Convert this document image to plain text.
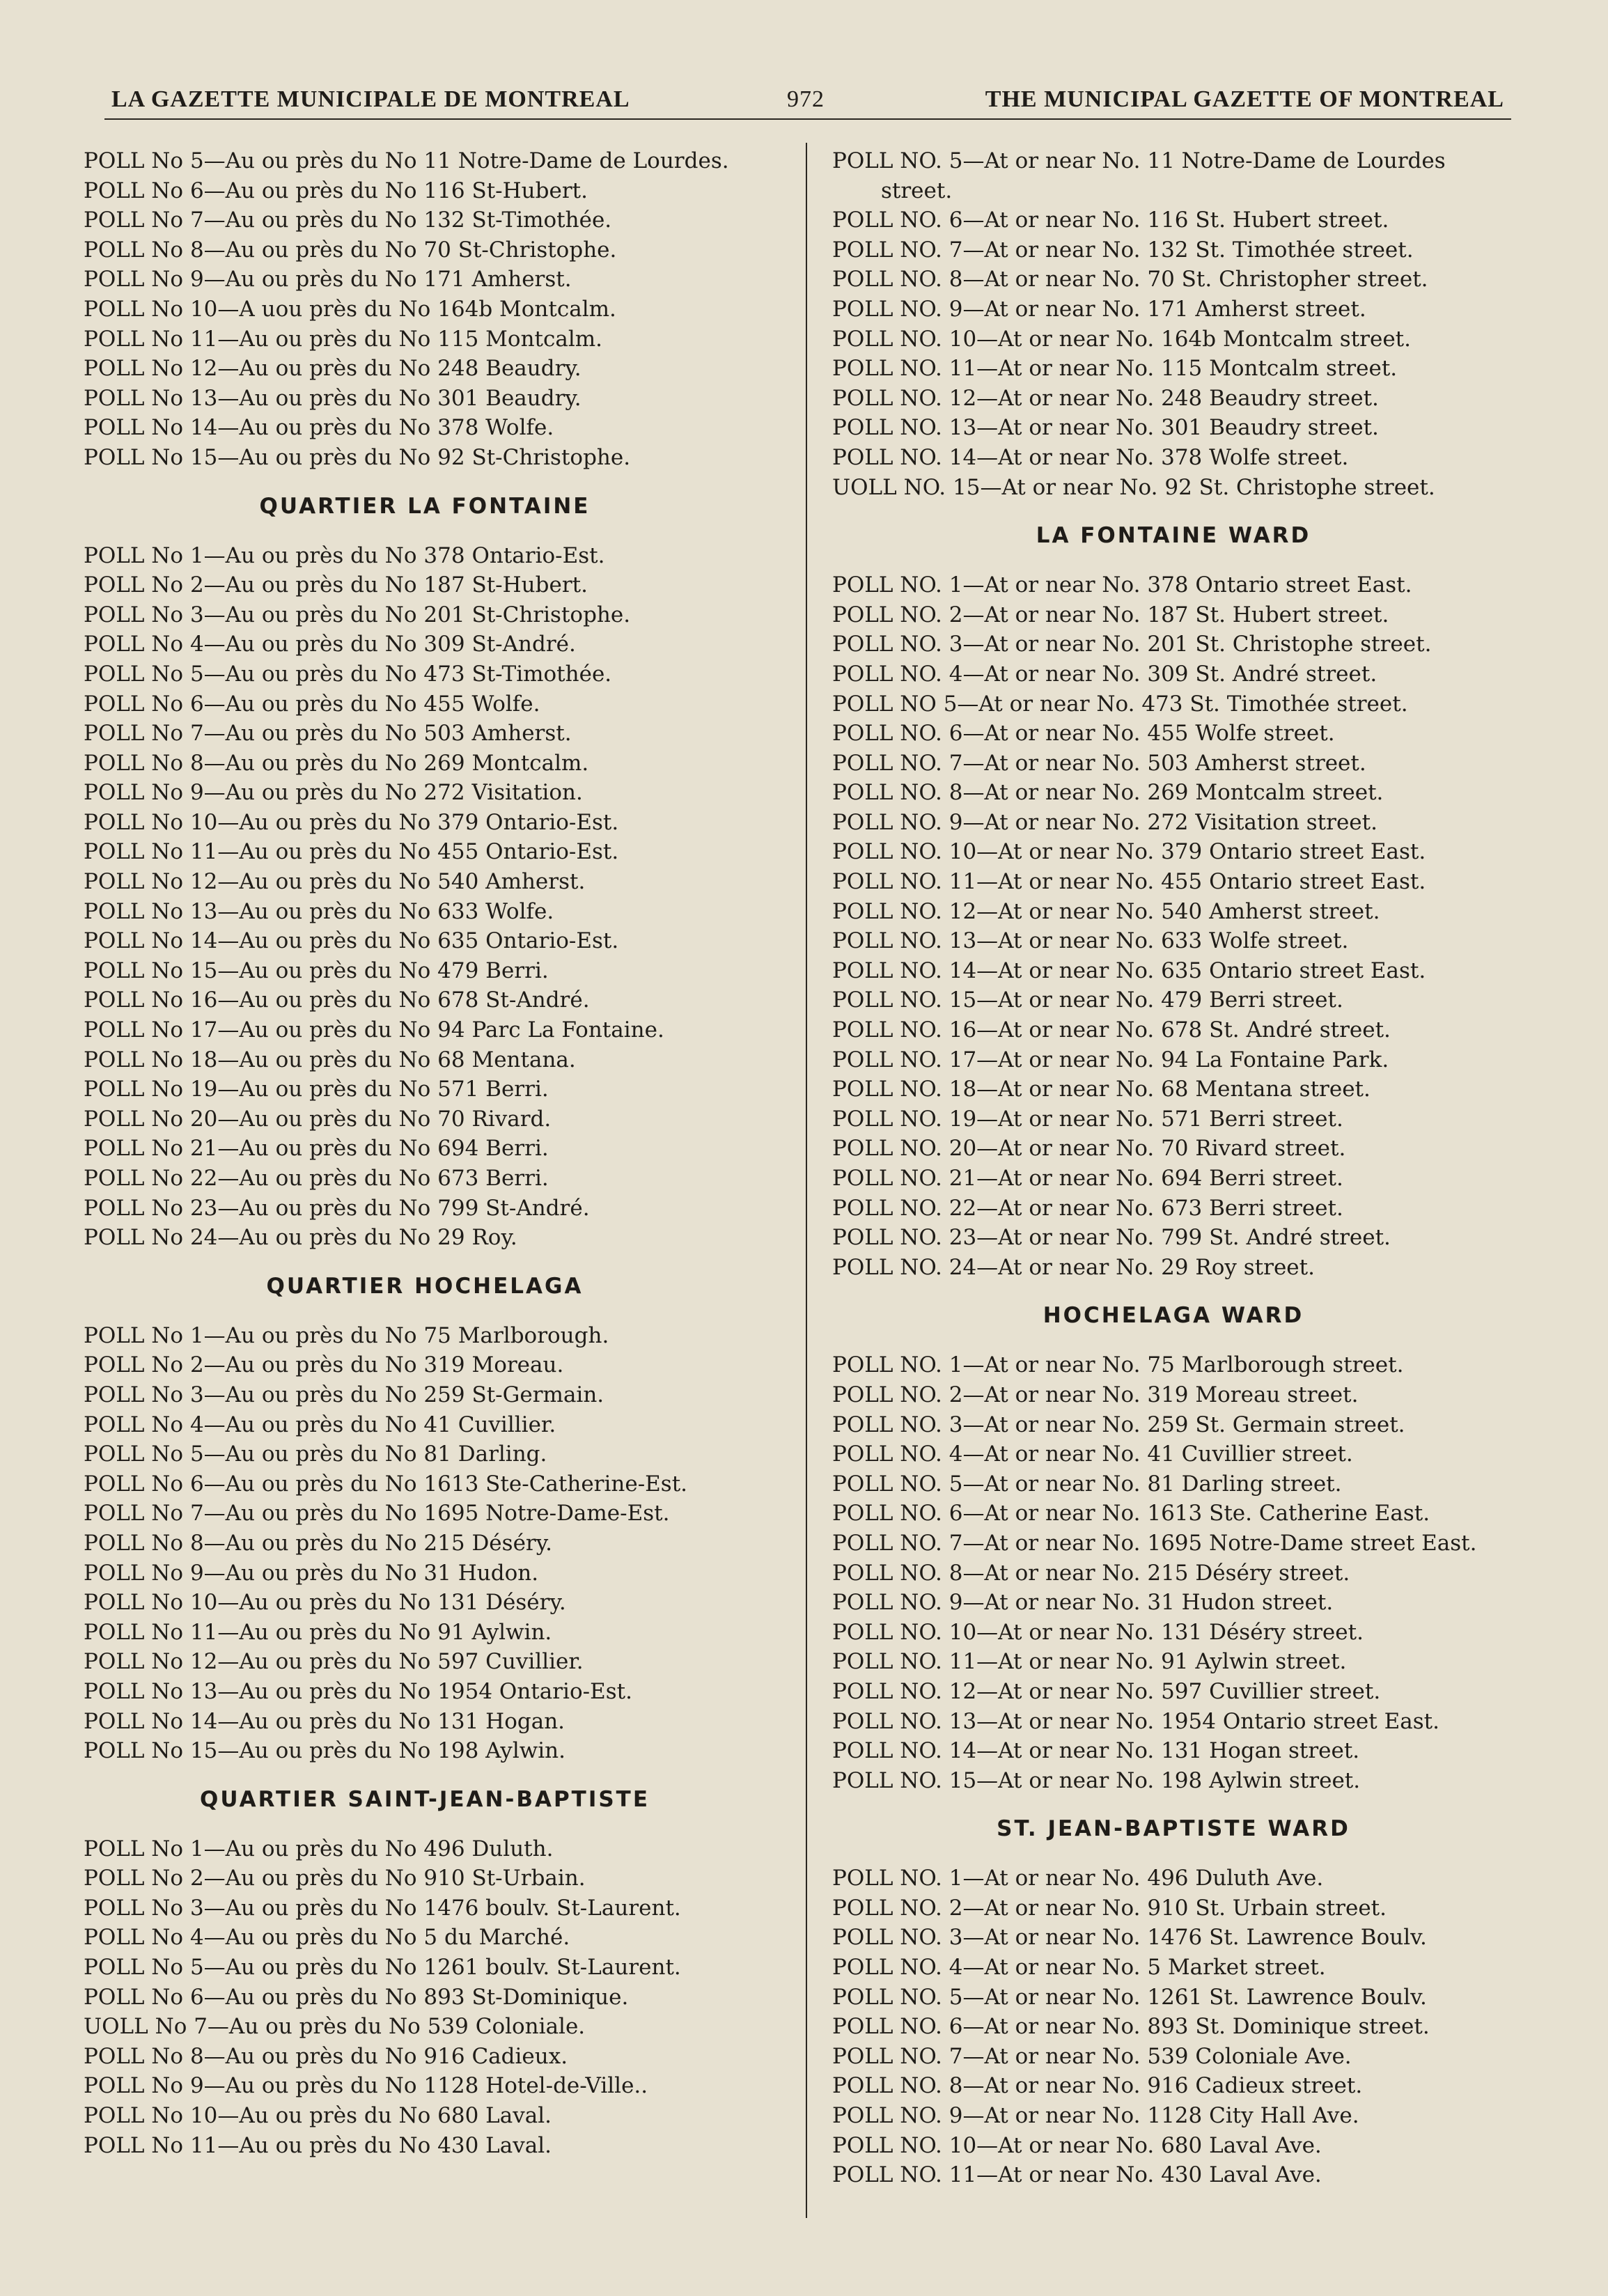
LA GAZETTE MUNICIPALE DE MONTREAL	972	THE MUNICIPAL GAZETTE OF MONTREAL
POLL No 5—Au ou près du No 11 Notre-Dame de Lourdes.
POLL No 6—Au ou près du No 116 St-Hubert.
POLL No 7—Au ou près du No 132 St-Timothée.
POLL No 8—Au ou près du No 70 St-Christophe.
POLL No 9—Au ou près du No 171 Amherst.
POLL No 10—A uou près du No 164b Montcalm.
POLL No 11—Au ou près du No 115 Montcalm.
POLL No 12—Au ou près du No 248 Beaudry.
POLL No 13—Au ou près du No 301 Beaudry.
POLL No 14—Au ou près du No 378 Wolfe.
POLL No 15—Au ou près du No 92 St-Christophe.
QUARTIER LA FONTAINE
POLL No 1—Au ou près du No 378 Ontario-Est.
POLL No 2—Au ou près du No 187 St-Hubert.
POLL No 3—Au ou près du No 201 St-Christophe.
POLL No 4—Au ou près du No 309 St-André.
POLL No 5—Au ou près du No 473 St-Timothée.
POLL No 6—Au ou près du No 455 Wolfe.
POLL No 7—Au ou près du No 503 Amherst.
POLL No 8—Au ou près du No 269 Montcalm.
POLL No 9—Au ou près du No 272 Visitation.
POLL No 10—Au ou près du No 379 Ontario-Est.
POLL No 11—Au ou près du No 455 Ontario-Est.
POLL No 12—Au ou près du No 540 Amherst.
POLL No 13—Au ou près du No 633 Wolfe.
POLL No 14—Au ou près du No 635 Ontario-Est.
POLL No 15—Au ou près du No 479 Berri.
POLL No 16—Au ou près du No 678 St-André.
POLL No 17—Au ou près du No 94 Parc La Fontaine.
POLL No 18—Au ou près du No 68 Mentana.
POLL No 19—Au ou près du No 571 Berri.
POLL No 20—Au ou près du No 70 Rivard.
POLL No 21—Au ou près du No 694 Berri.
POLL No 22—Au ou près du No 673 Berri.
POLL No 23—Au ou près du No 799 St-André.
POLL No 24—Au ou près du No 29 Roy.
QUARTIER HOCHELAGA
POLL No 1—Au ou près du No 75 Marlborough.
POLL No 2—Au ou près du No 319 Moreau.
POLL No 3—Au ou près du No 259 St-Germain.
POLL No 4—Au ou près du No 41 Cuvillier.
POLL No 5—Au ou près du No 81 Darling.
POLL No 6—Au ou près du No 1613 Ste-Catherine-Est.
POLL No 7—Au ou près du No 1695 Notre-Dame-Est.
POLL No 8—Au ou près du No 215 Déséry.
POLL No 9—Au ou près du No 31 Hudon.
POLL No 10—Au ou près du No 131 Déséry.
POLL No 11—Au ou près du No 91 Aylwin.
POLL No 12—Au ou près du No 597 Cuvillier.
POLL No 13—Au ou près du No 1954 Ontario-Est.
POLL No 14—Au ou près du No 131 Hogan.
POLL No 15—Au ou près du No 198 Aylwin.
QUARTIER SAINT-JEAN-BAPTISTE
POLL No 1—Au ou près du No 496 Duluth.
POLL No 2—Au ou près du No 910 St-Urbain.
POLL No 3—Au ou près du No 1476 boulv. St-Laurent.
POLL No 4—Au ou près du No 5 du Marché.
POLL No 5—Au ou près du No 1261 boulv. St-Laurent.
POLL No 6—Au ou près du No 893 St-Dominique.
UOLL No 7—Au ou près du No 539 Coloniale.
POLL No 8—Au ou près du No 916 Cadieux.
POLL No 9—Au ou près du No 1128 Hotel-de-Ville..
POLL No 10—Au ou près du No 680 Laval.
POLL No 11—Au ou près du No 430 Laval.
POLL NO. 5—At or near No. 11 Notre-Dame de Lourdes
street.
POLL NO. 6—At or near No. 116 St. Hubert street.
POLL NO. 7—At or near No. 132 St. Timothée street.
POLL NO. 8—At or near No. 70 St. Christopher street.
POLL NO. 9—At or near No. 171 Amherst street.
POLL NO. 10—At or near No. 164b Montcalm street.
POLL NO. 11—At or near No. 115 Montcalm street.
POLL NO. 12—At or near No. 248 Beaudry street.
POLL NO. 13—At or near No. 301 Beaudry street.
POLL NO. 14—At or near No. 378 Wolfe street.
UOLL NO. 15—At or near No. 92 St. Christophe street.
LA FONTAINE WARD
POLL NO. 1—At or near No. 378 Ontario street East.
POLL NO. 2—At or near No. 187 St. Hubert street.
POLL NO. 3—At or near No. 201 St. Christophe street.
POLL NO. 4—At or near No. 309 St. André street.
POLL NO 5—At or near No. 473 St. Timothée street.
POLL NO. 6—At or near No. 455 Wolfe street.
POLL NO. 7—At or near No. 503 Amherst street.
POLL NO. 8—At or near No. 269 Montcalm street.
POLL NO. 9—At or near No. 272 Visitation street.
POLL NO. 10—At or near No. 379 Ontario street East.
POLL NO. 11—At or near No. 455 Ontario street East.
POLL NO. 12—At or near No. 540 Amherst street.
POLL NO. 13—At or near No. 633 Wolfe street.
POLL NO. 14—At or near No. 635 Ontario street East.
POLL NO. 15—At or near No. 479 Berri street.
POLL NO. 16—At or near No. 678 St. André street.
POLL NO. 17—At or near No. 94 La Fontaine Park.
POLL NO. 18—At or near No. 68 Mentana street.
POLL NO. 19—At or near No. 571 Berri street.
POLL NO. 20—At or near No. 70 Rivard street.
POLL NO. 21—At or near No. 694 Berri street.
POLL NO. 22—At or near No. 673 Berri street.
POLL NO. 23—At or near No. 799 St. André street.
POLL NO. 24—At or near No. 29 Roy street.
HOCHELAGA WARD
POLL NO. 1—At or near No. 75 Marlborough street.
POLL NO. 2—At or near No. 319 Moreau street.
POLL NO. 3—At or near No. 259 St. Germain street.
POLL NO. 4—At or near No. 41 Cuvillier street.
POLL NO. 5—At or near No. 81 Darling street.
POLL NO. 6—At or near No. 1613 Ste. Catherine East.
POLL NO. 7—At or near No. 1695 Notre-Dame street East.
POLL NO. 8—At or near No. 215 Déséry street.
POLL NO. 9—At or near No. 31 Hudon street.
POLL NO. 10—At or near No. 131 Déséry street.
POLL NO. 11—At or near No. 91 Aylwin street.
POLL NO. 12—At or near No. 597 Cuvillier street.
POLL NO. 13—At or near No. 1954 Ontario street East.
POLL NO. 14—At or near No. 131 Hogan street.
POLL NO. 15—At or near No. 198 Aylwin street.
ST. JEAN-BAPTISTE WARD
POLL NO. 1—At or near No. 496 Duluth Ave.
POLL NO. 2—At or near No. 910 St. Urbain street.
POLL NO. 3—At or near No. 1476 St. Lawrence Boulv.
POLL NO. 4—At or near No. 5 Market street.
POLL NO. 5—At or near No. 1261 St. Lawrence Boulv.
POLL NO. 6—At or near No. 893 St. Dominique street.
POLL NO. 7—At or near No. 539 Coloniale Ave.
POLL NO. 8—At or near No. 916 Cadieux street.
POLL NO. 9—At or near No. 1128 City Hall Ave.
POLL NO. 10—At or near No. 680 Laval Ave.
POLL NO. 11—At or near No. 430 Laval Ave.
